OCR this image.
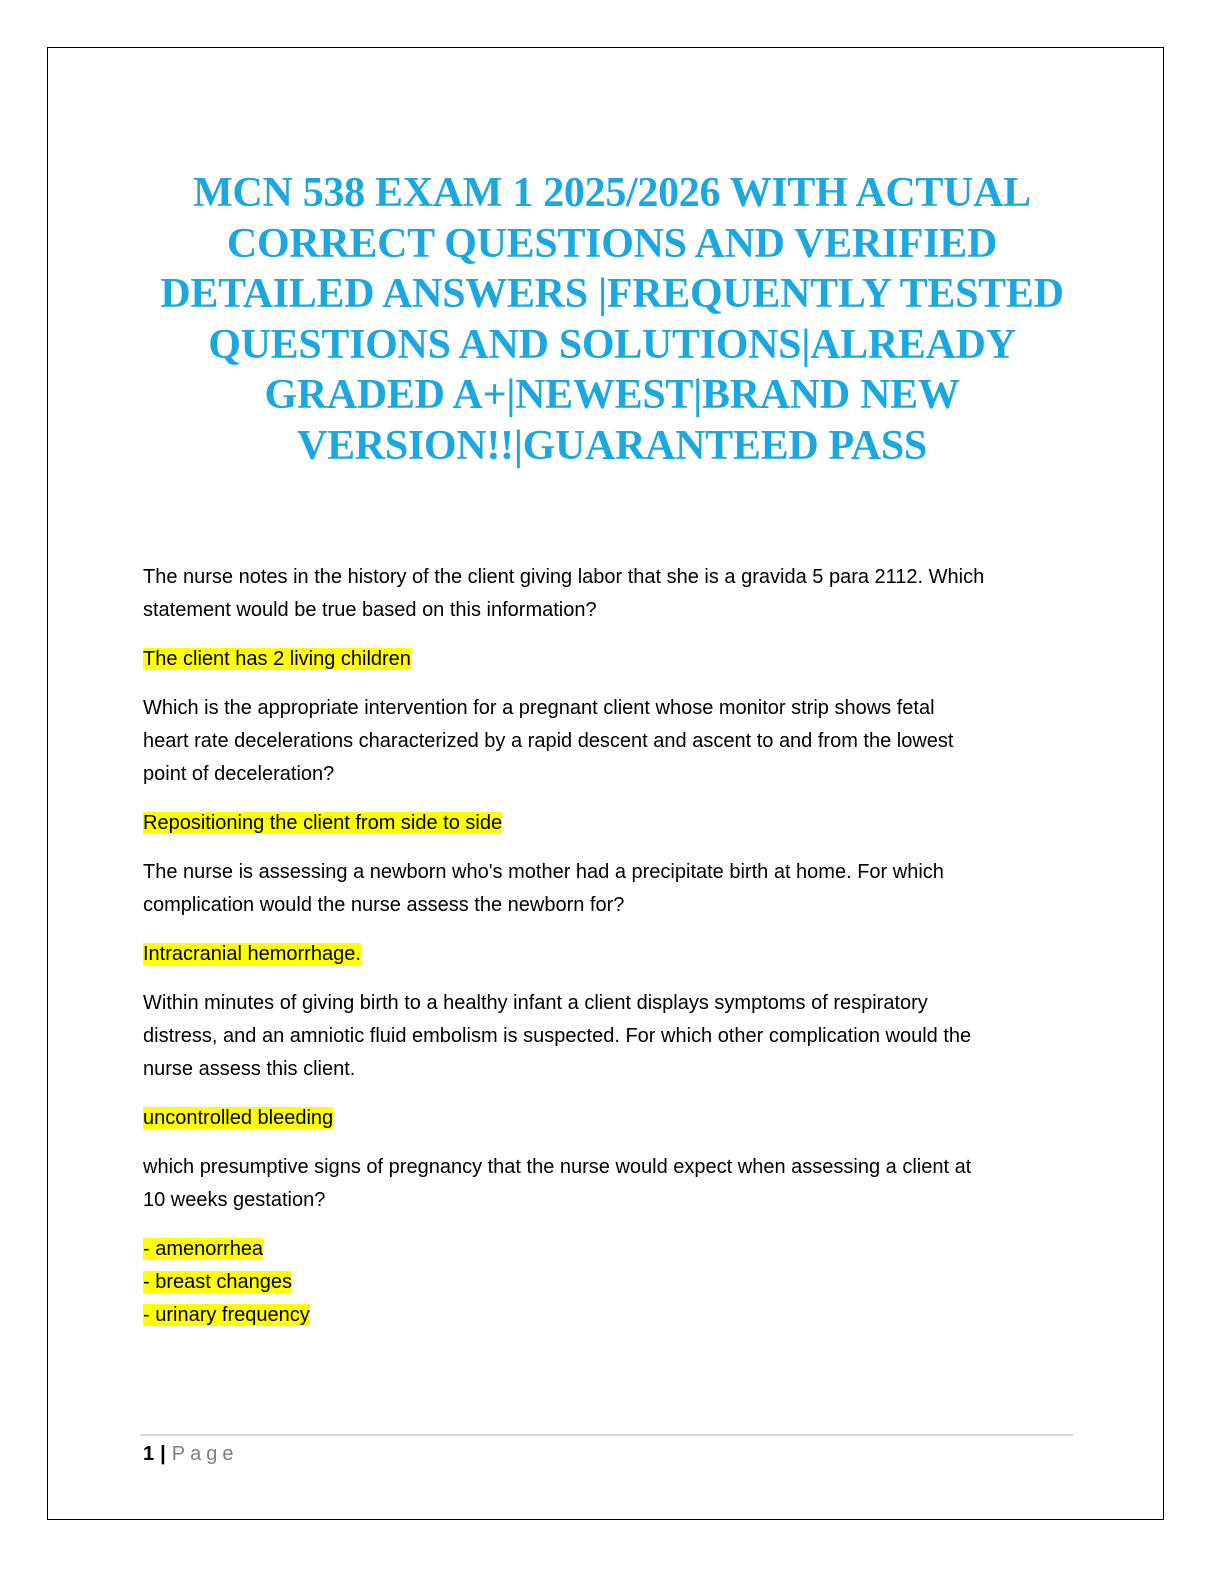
MCN 538 EXAM 1 2025/2026 WITH ACTUAL
CORRECT QUESTIONS AND VERIFIED
DETAILED ANSWERS |FREQUENTLY TESTED
QUESTIONS AND SOLUTIONS|ALREADY
GRADED A+|NEWEST|BRAND NEW
VERSION!!|GUARANTEED PASS

The nurse notes in the history of the client giving labor that she is a gravida 5 para 2112. Which
statement would be true based on this information?

The client has 2 living children

Which is the appropriate intervention for a pregnant client whose monitor strip shows fetal
heart rate decelerations characterized by a rapid descent and ascent to and from the lowest
point of deceleration?

Repositioning the client from side to side

The nurse is assessing a newborn who's mother had a precipitate birth at home. For which
complication would the nurse assess the newborn for?

Intracranial hemorrhage.

Within minutes of giving birth to a healthy infant a client displays symptoms of respiratory
distress, and an amniotic fluid embolism is suspected. For which other complication would the
nurse assess this client.

uncontrolled bleeding

which presumptive signs of pregnancy that the nurse would expect when assessing a client at
10 weeks gestation?

- amenorrhea
- breast changes
- urinary frequency
1 | Page
